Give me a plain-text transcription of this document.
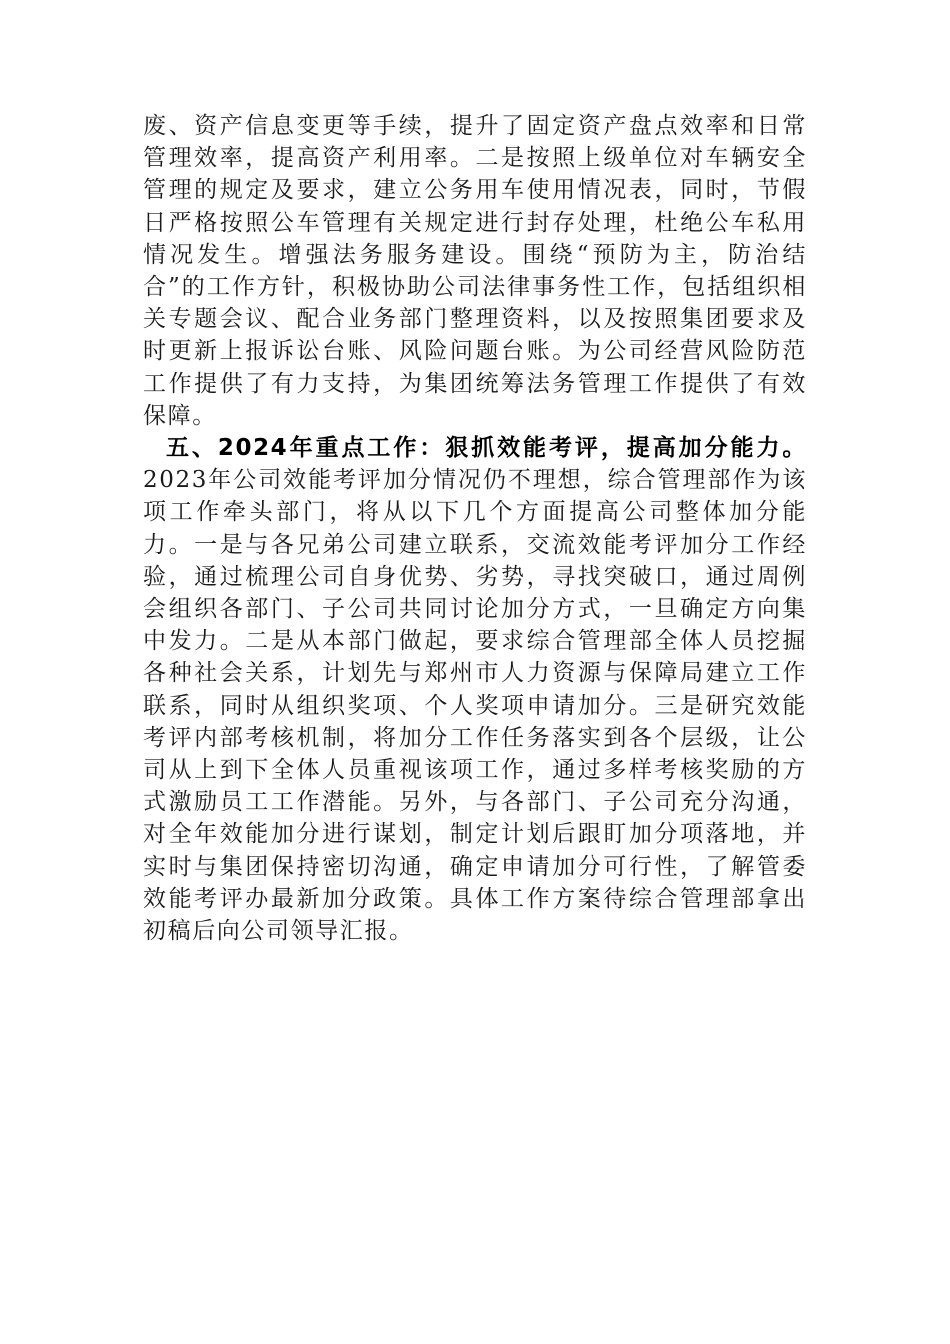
废、资产信息变更等手续，提升了固定资产盘点效率和日常管理效率，提高资产利用率。二是按照上级单位对车辆安全管理的规定及要求，建立公务用车使用情况表，同时，节假日严格按照公车管理有关规定进行封存处理，杜绝公车私用情况发生。增强法务服务建设。围绕“预防为主，防治结合”的工作方针，积极协助公司法律事务性工作，包括组织相关专题会议、配合业务部门整理资料，以及按照集团要求及时更新上报诉讼台账、风险问题台账。为公司经营风险防范工作提供了有力支持，为集团统筹法务管理工作提供了有效保障。

五、2024年重点工作：狠抓效能考评，提高加分能力。2023年公司效能考评加分情况仍不理想，综合管理部作为该项工作牵头部门，将从以下几个方面提高公司整体加分能力。一是与各兄弟公司建立联系，交流效能考评加分工作经验，通过梳理公司自身优势、劣势，寻找突破口，通过周例会组织各部门、子公司共同讨论加分方式，一旦确定方向集中发力。二是从本部门做起，要求综合管理部全体人员挖掘各种社会关系，计划先与郑州市人力资源与保障局建立工作联系，同时从组织奖项、个人奖项申请加分。三是研究效能考评内部考核机制，将加分工作任务落实到各个层级，让公司从上到下全体人员重视该项工作，通过多样考核奖励的方式激励员工工作潜能。另外，与各部门、子公司充分沟通，对全年效能加分进行谋划，制定计划后跟盯加分项落地，并实时与集团保持密切沟通，确定申请加分可行性，了解管委效能考评办最新加分政策。具体工作方案待综合管理部拿出初稿后向公司领导汇报。
